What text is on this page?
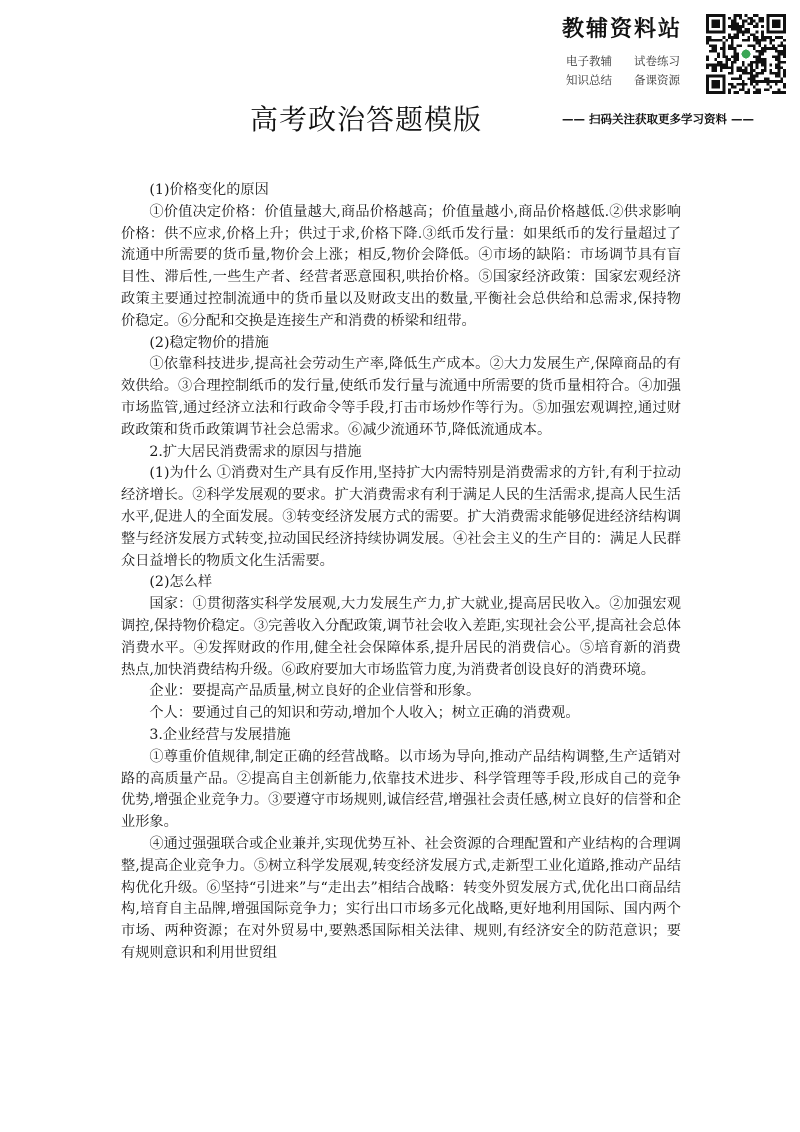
教辅资料站
电子教辅	试卷练习
知识总结	备课资源
高考政治答题模版	—— 扫码关注获取更多学习资料 ——

(1)价格变化的原因

①价值决定价格：价值量越大,商品价格越高；价值量越小,商品价格越低.②供求影响价格：供不应求,价格上升；供过于求,价格下降.③纸币发行量：如果纸币的发行量超过了流通中所需要的货币量,物价会上涨；相反,物价会降低。④市场的缺陷：市场调节具有盲目性、滞后性,一些生产者、经营者恶意囤积,哄抬价格。⑤国家经济政策：国家宏观经济政策主要通过控制流通中的货币量以及财政支出的数量,平衡社会总供给和总需求,保持物价稳定。⑥分配和交换是连接生产和消费的桥梁和纽带。

(2)稳定物价的措施

①依靠科技进步,提高社会劳动生产率,降低生产成本。②大力发展生产,保障商品的有效供给。③合理控制纸币的发行量,使纸币发行量与流通中所需要的货币量相符合。④加强市场监管,通过经济立法和行政命令等手段,打击市场炒作等行为。⑤加强宏观调控,通过财政政策和货币政策调节社会总需求。⑥减少流通环节,降低流通成本。

2.扩大居民消费需求的原因与措施

(1)为什么 ①消费对生产具有反作用,坚持扩大内需特别是消费需求的方针,有利于拉动经济增长。②科学发展观的要求。扩大消费需求有利于满足人民的生活需求,提高人民生活水平,促进人的全面发展。③转变经济发展方式的需要。扩大消费需求能够促进经济结构调整与经济发展方式转变,拉动国民经济持续协调发展。④社会主义的生产目的：满足人民群众日益增长的物质文化生活需要。

(2)怎么样

国家：①贯彻落实科学发展观,大力发展生产力,扩大就业,提高居民收入。②加强宏观调控,保持物价稳定。③完善收入分配政策,调节社会收入差距,实现社会公平,提高社会总体消费水平。④发挥财政的作用,健全社会保障体系,提升居民的消费信心。⑤培育新的消费热点,加快消费结构升级。⑥政府要加大市场监管力度,为消费者创设良好的消费环境。

企业：要提高产品质量,树立良好的企业信誉和形象。

个人：要通过自己的知识和劳动,增加个人收入；树立正确的消费观。

3.企业经营与发展措施

①尊重价值规律,制定正确的经营战略。以市场为导向,推动产品结构调整,生产适销对路的高质量产品。②提高自主创新能力,依靠技术进步、科学管理等手段,形成自己的竞争优势,增强企业竞争力。③要遵守市场规则,诚信经营,增强社会责任感,树立良好的信誉和企业形象。

④通过强强联合或企业兼并,实现优势互补、社会资源的合理配置和产业结构的合理调整,提高企业竞争力。⑤树立科学发展观,转变经济发展方式,走新型工业化道路,推动产品结构优化升级。⑥坚持“引进来”与“走出去”相结合战略：转变外贸发展方式,优化出口商品结构,培育自主品牌,增强国际竞争力；实行出口市场多元化战略,更好地利用国际、国内两个市场、两种资源；在对外贸易中,要熟悉国际相关法律、规则,有经济安全的防范意识；要有规则意识和利用世贸组
